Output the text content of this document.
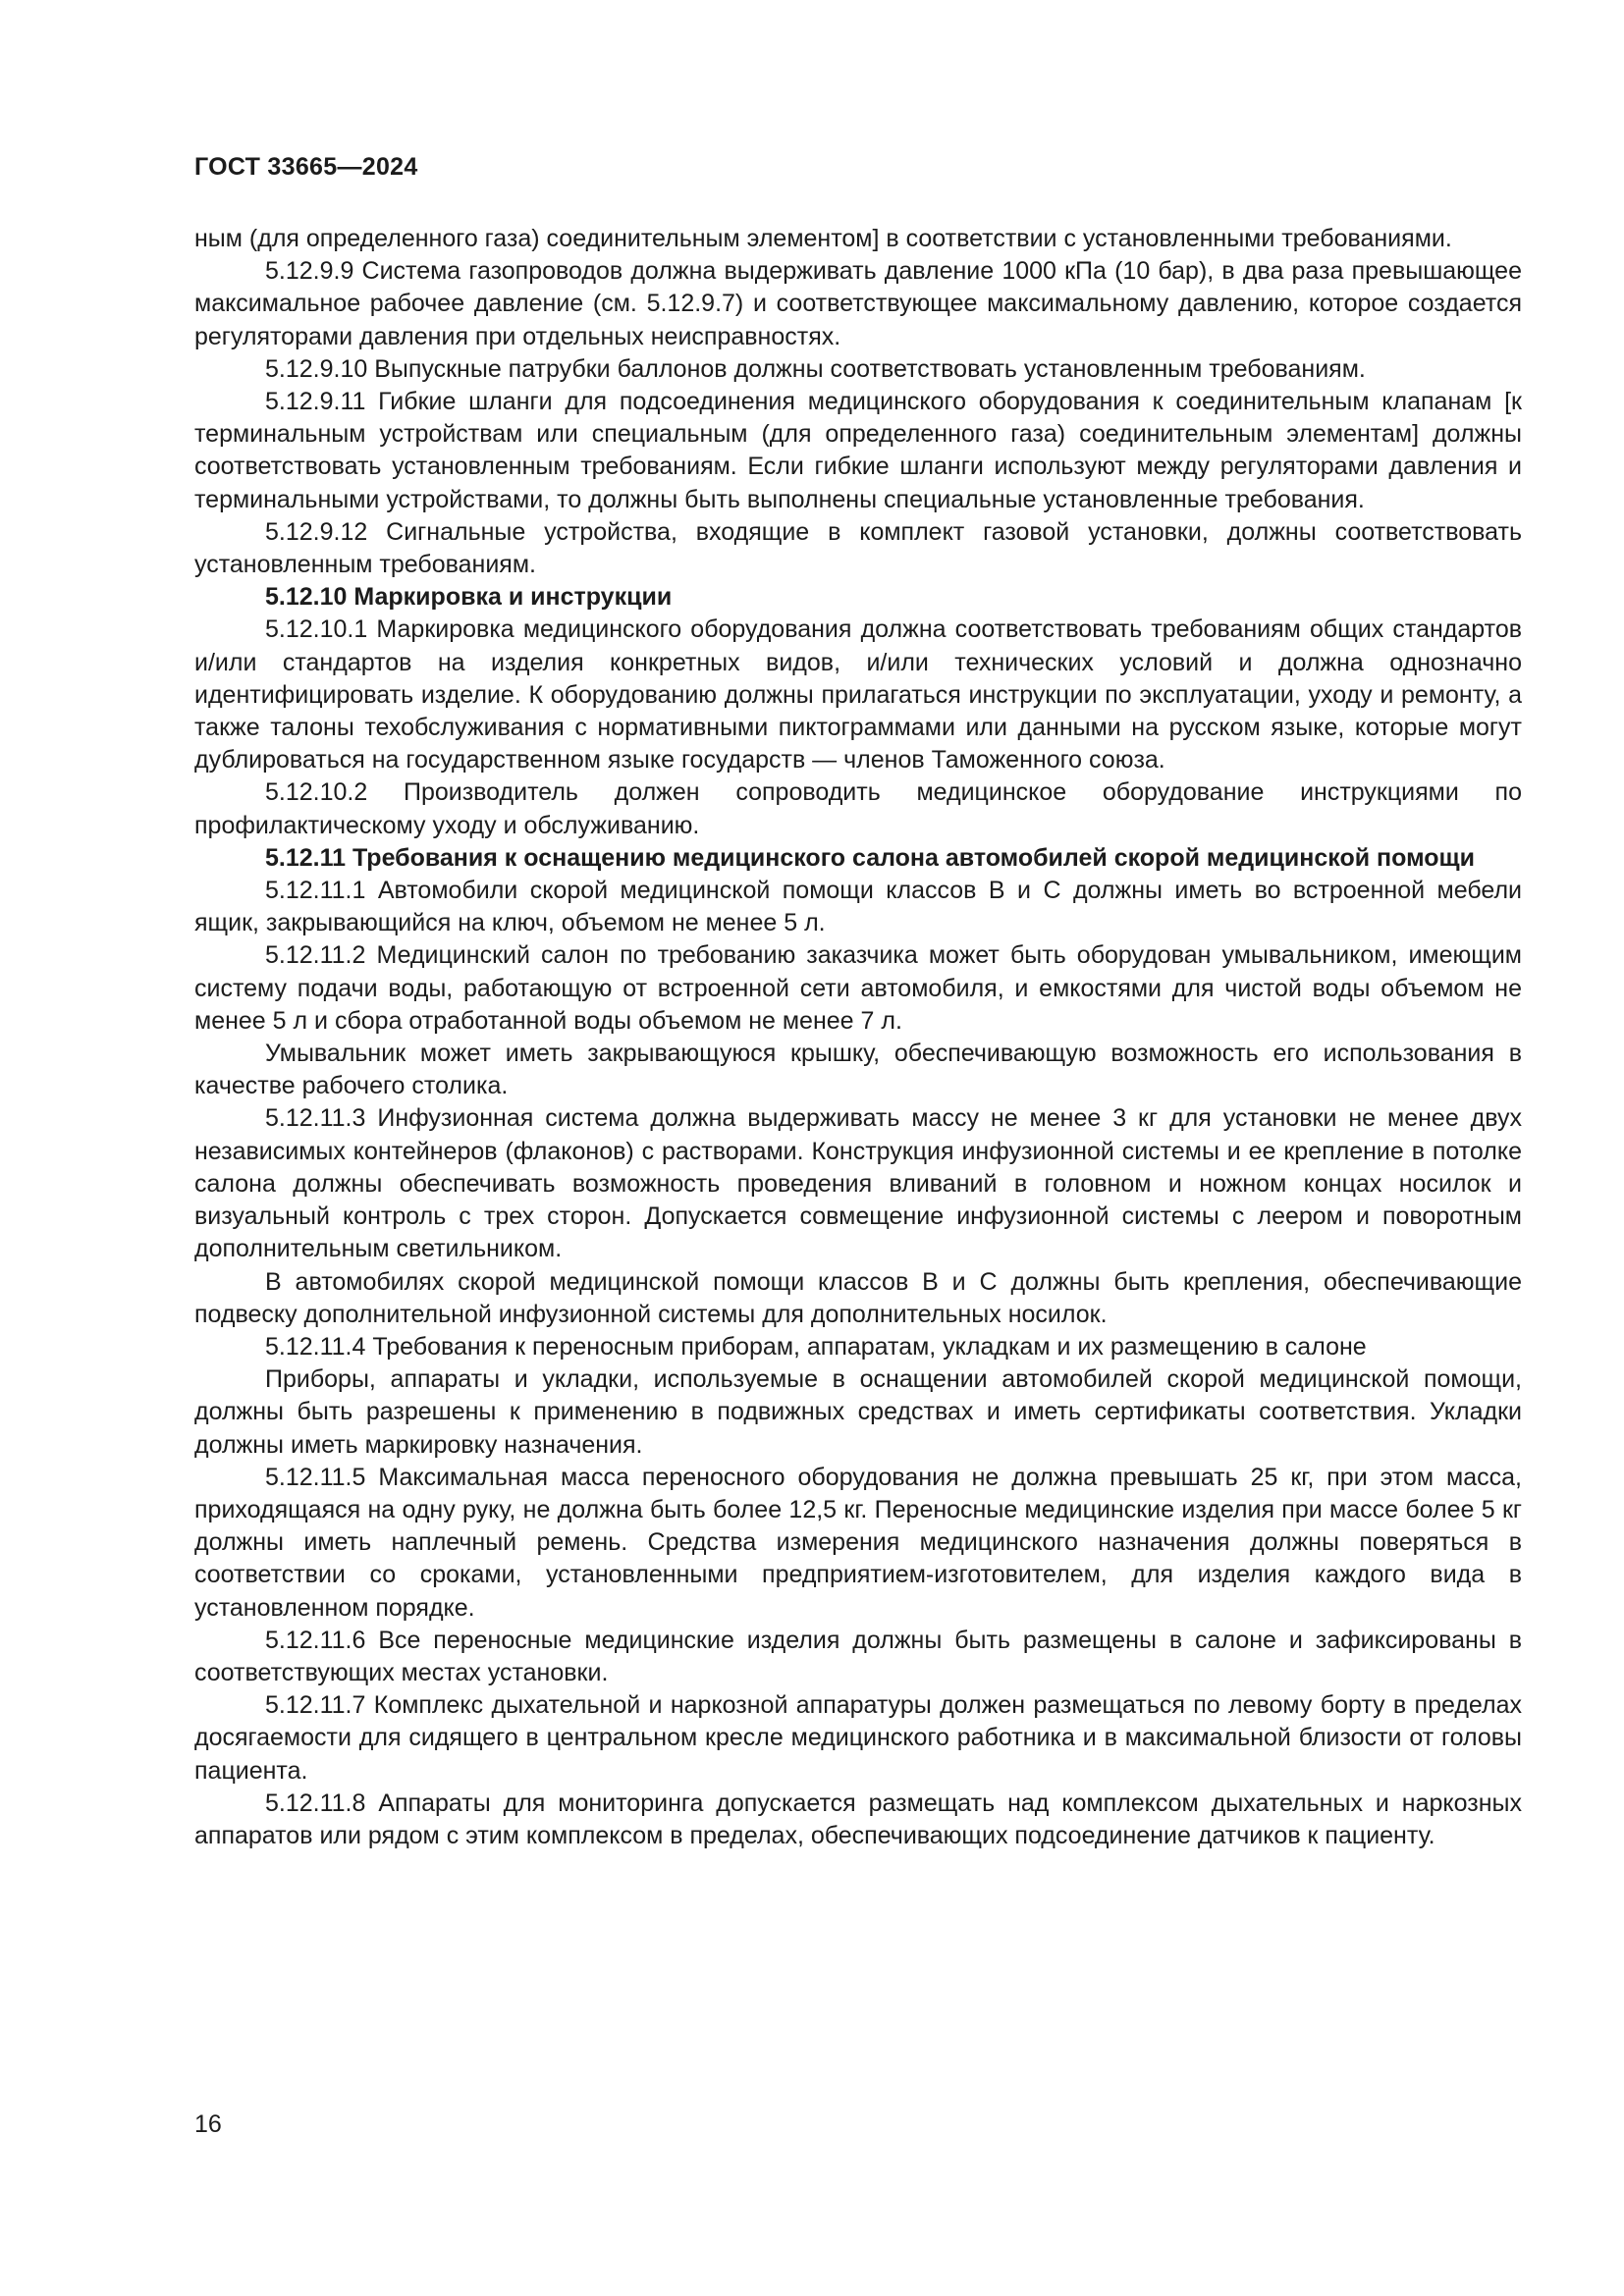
ГОСТ 33665—2024

ным (для определенного газа) соединительным элементом] в соответствии с установленными требованиями.

5.12.9.9 Система газопроводов должна выдерживать давление 1000 кПа (10 бар), в два раза превышающее максимальное рабочее давление (см. 5.12.9.7) и соответствующее максимальному давлению, которое создается регуляторами давления при отдельных неисправностях.

5.12.9.10 Выпускные патрубки баллонов должны соответствовать установленным требованиям.

5.12.9.11 Гибкие шланги для подсоединения медицинского оборудования к соединительным клапанам [к терминальным устройствам или специальным (для определенного газа) соединительным элементам] должны соответствовать установленным требованиям. Если гибкие шланги используют между регуляторами давления и терминальными устройствами, то должны быть выполнены специальные установленные требования.

5.12.9.12 Сигнальные устройства, входящие в комплект газовой установки, должны соответствовать установленным требованиям.

5.12.10 Маркировка и инструкции

5.12.10.1 Маркировка медицинского оборудования должна соответствовать требованиям общих стандартов и/или стандартов на изделия конкретных видов, и/или технических условий и должна однозначно идентифицировать изделие. К оборудованию должны прилагаться инструкции по эксплуатации, уходу и ремонту, а также талоны техобслуживания с нормативными пиктограммами или данными на русском языке, которые могут дублироваться на государственном языке государств — членов Таможенного союза.

5.12.10.2 Производитель должен сопроводить медицинское оборудование инструкциями по профилактическому уходу и обслуживанию.

5.12.11 Требования к оснащению медицинского салона автомобилей скорой медицинской помощи

5.12.11.1 Автомобили скорой медицинской помощи классов В и С должны иметь во встроенной мебели ящик, закрывающийся на ключ, объемом не менее 5 л.

5.12.11.2 Медицинский салон по требованию заказчика может быть оборудован умывальником, имеющим систему подачи воды, работающую от встроенной сети автомобиля, и емкостями для чистой воды объемом не менее 5 л и сбора отработанной воды объемом не менее 7 л.

Умывальник может иметь закрывающуюся крышку, обеспечивающую возможность его использования в качестве рабочего столика.

5.12.11.3 Инфузионная система должна выдерживать массу не менее 3 кг для установки не менее двух независимых контейнеров (флаконов) с растворами. Конструкция инфузионной системы и ее крепление в потолке салона должны обеспечивать возможность проведения вливаний в головном и ножном концах носилок и визуальный контроль с трех сторон. Допускается совмещение инфузионной системы с леером и поворотным дополнительным светильником.

В автомобилях скорой медицинской помощи классов В и С должны быть крепления, обеспечивающие подвеску дополнительной инфузионной системы для дополнительных носилок.

5.12.11.4 Требования к переносным приборам, аппаратам, укладкам и их размещению в салоне

Приборы, аппараты и укладки, используемые в оснащении автомобилей скорой медицинской помощи, должны быть разрешены к применению в подвижных средствах и иметь сертификаты соответствия. Укладки должны иметь маркировку назначения.

5.12.11.5 Максимальная масса переносного оборудования не должна превышать 25 кг, при этом масса, приходящаяся на одну руку, не должна быть более 12,5 кг. Переносные медицинские изделия при массе более 5 кг должны иметь наплечный ремень. Средства измерения медицинского назначения должны поверяться в соответствии со сроками, установленными предприятием-изготовителем, для изделия каждого вида в установленном порядке.

5.12.11.6 Все переносные медицинские изделия должны быть размещены в салоне и зафиксированы в соответствующих местах установки.

5.12.11.7 Комплекс дыхательной и наркозной аппаратуры должен размещаться по левому борту в пределах досягаемости для сидящего в центральном кресле медицинского работника и в максимальной близости от головы пациента.

5.12.11.8 Аппараты для мониторинга допускается размещать над комплексом дыхательных и наркозных аппаратов или рядом с этим комплексом в пределах, обеспечивающих подсоединение датчиков к пациенту.

16
